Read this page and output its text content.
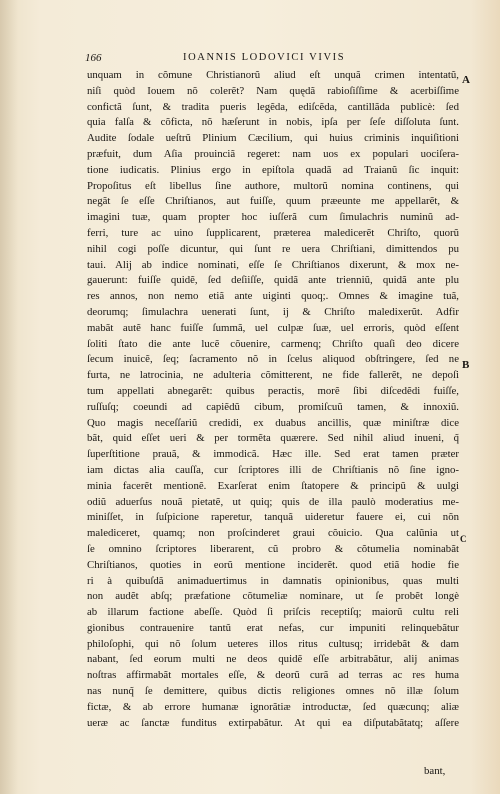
166	IOANNIS LODOVICI VIVIS
unquam in cõmune Christianorũ aliud eſt unquã crimen intentatũ,
niſi quòd Iouem nõ colerẽt? Nam quędã rabioſiſſime & acerbiſſime
confictã ſunt, & tradita pueris legẽda, ediſcẽda, cantillãda publicè: ſed
quia falſa & cõficta, nõ hæſerunt in nobis, ipſa per ſeſe diſſoluta ſunt.
Audite ſodale ueſtrũ Plinium Cæcilium, qui huius criminis inquiſitioni
præfuit, dum Aſia prouinciã regeret: nam uos ex populari uociſera-
tione iudicatis. Plinius ergo in epiſtola quadã ad Traianũ ſic inquit:
Propoſitus eſt libellus ſine authore, multorũ nomina continens, qui
negãt ſe eſſe Chriſtianos, aut fuiſſe, quum præeunte me appellarẽt, &
imagini tuæ, quam propter hoc iuſſerã cum ſimulachris numinũ ad-
ferri, ture ac uino ſupplicarent, præterea maledicerẽt Chriſto, quorũ
nihil cogi poſſe dicuntur, qui ſunt re uera Chriſtiani, dimittendos pu
taui. Alij ab indice nominati, eſſe ſe Chriſtianos dixerunt, & mox ne-
gauerunt: fuiſſe quidẽ, ſed deſiiſſe, quidã ante trienniũ, quidã ante plu
res annos, non nemo etiã ante uiginti quoq;. Omnes & imagine tuã,
deorumq; ſimulachra uenerati ſunt, ij & Chriſto maledixerũt. Adfir
mabãt autẽ hanc fuiſſe ſummã, uel culpæ ſuæ, uel erroris, quòd eſſent
ſoliti ſtato die ante lucẽ cõuenire, carmenq; Chriſto quaſi deo dicere
ſecum inuicẽ, ſeq; ſacramento nõ in ſcelus aliquod obſtringere, ſed ne
furta, ne latrocinia, ne adulteria cõmitterent, ne fide fallerẽt, ne depoſi
tum appellati abnegarẽt: quibus peractis, morẽ ſibi diſcedẽdi fuiſſe,
ruſſuſq; coeundi ad capiẽdũ cibum, promiſcuũ tamen, & innoxiũ.
Quo magis neceſſariũ credidi, ex duabus ancillis, quæ miniſtræ dice
bãt, quid eſſet ueri & per tormẽta quærere. Sed nihil aliud inueni, q̃
ſuperſtitione prauã, & immodicã. Hæc ille. Sed erat tamen præter
iam dictas alia cauſſa, cur ſcriptores illi de Chriſtianis nõ ſine igno-
minia facerẽt mentionẽ. Exarſerat enim ſtatopere & principũ & uulgi
odiũ aduerſus nouã pietatẽ, ut quiq; quis de illa paulò moderatius me-
miniſſet, in ſuſpicione raperetur, tanquã uideretur fauere ei, cui nõn
malediceret, quamq; non proſcinderet graui cõuicio. Qua calũnia ut
ſe omnino ſcriptores liberarent, cũ probro & cõtumelia nominabãt
Chriſtianos, quoties in eorũ mentione inciderẽt. quod etiã hodie fie
ri à quibuſdã animaduertimus in damnatis opinionibus, quas multi
non audẽt abſq; præfatione cõtumeliæ nominare, ut ſe probẽt longè
ab illarum factione abeſſe. Quòd ſi priſcis receptiſq; maiorũ cultu reli
gionibus contrauenire tantũ erat nefas, cur impuniti relinquebãtur
philoſophi, qui nõ ſolum ueteres illos ritus cultusq; irridebãt & dam
nabant, ſed eorum multi ne deos quidẽ eſſe arbitrabãtur, alij animas
noſtras affirmabãt mortales eſſe, & deorũ curã ad terras ac res huma
nas nunq̃ ſe demittere, quibus dictis religiones omnes nõ illæ ſolum
fictæ, & ab errore humanæ ignorãtiæ introductæ, ſed quæcunq; aliæ
ueræ ac ſanctæ funditus extirpabãtur. At qui ea diſputabãtatq; aſſere
bant,
A
B
C
